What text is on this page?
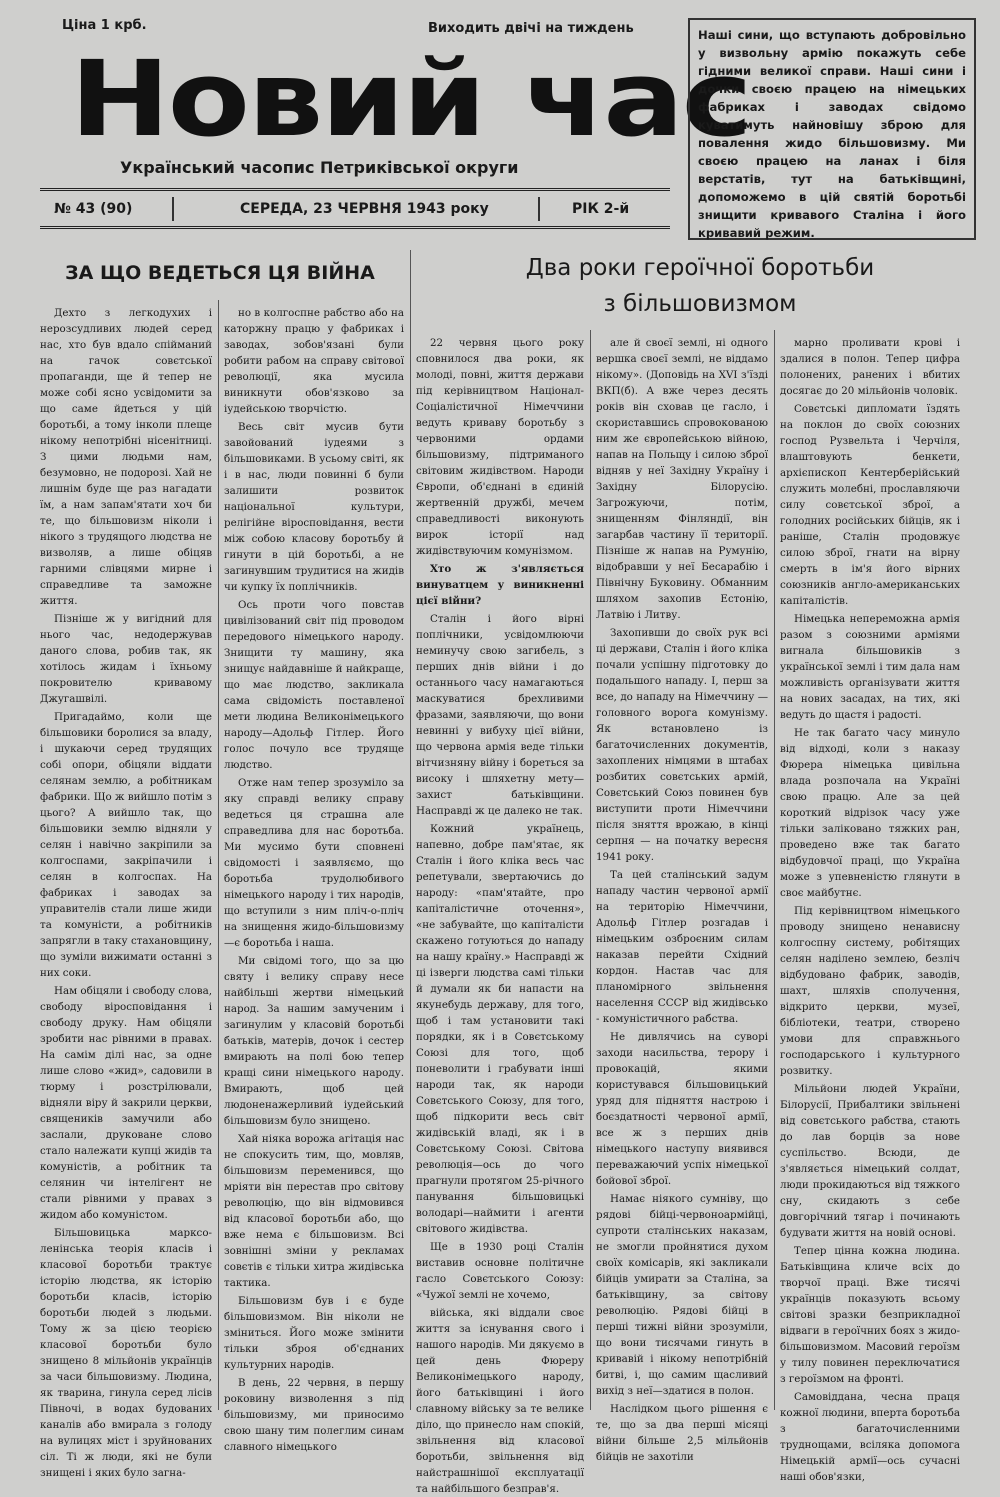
Ціна 1 крб.	Виходить двічі на тиждень
Новий час
Український часопис Петриківської округи
№ 43 (90)	СЕРЕДА, 23 ЧЕРВНЯ 1943 року	РІК 2-й
Наші сини, що вступають добровільно у визвольну армію покажуть себе гідними великої справи. Наші сини і дочки своєю працею на німецьких фабриках і заводах свідомо куватимуть найновішу зброю для повалення жидо більшовизму. Ми своєю працею на ланах і біля верстатів, тут на батьківщині, допоможемо в цій святій боротьбі знищити кривавого Сталіна і його кривавий режим.
ЗА ЩО ВЕДЕТЬСЯ ЦЯ ВІЙНА	Два роки героїчної боротьби
з більшовизмом

Дехто з легкодухих і нерозсудливих людей серед нас, хто був вдало спійманий на гачок совєтської пропаганди, ще й тепер не може собі ясно усвідомити за що саме йдеться у цій боротьбі, а тому інколи плеще нікому непотрібні нісенітниці. З цими людьми нам, безумовно, не подорозі. Хай не лишнім буде ще раз нагадати їм, а нам запам'ятати хоч би те, що більшовизм ніколи і нікого з трудящого людства не визволяв, а лише обіцяв гарними слівцями мирне і справедливе та заможне життя.

Пізніше ж у вигідний для нього час, недодержував даного слова, робив так, як хотілось жидам і їхньому покровителю кривавому Джугашвілі.

Пригадаймо, коли ще більшовики боролися за владу, і шукаючи серед трудящих собі опори, обіцяли віддати селянам землю, а робітникам фабрики. Що ж вийшло потім з цього? А вийшло так, що більшовики землю відняли у селян і навічно закріпили за колгоспами, закріпачили і селян в колгоспах. На фабриках і заводах за управителів стали лише жиди та комуністи, а робітників запрягли в таку стахановщину, що зуміли вижимати останні з них соки.

Нам обіцяли і свободу слова, свободу віросповідання і свободу друку. Нам обіцяли зробити нас рівними в правах. На самім ділі нас, за одне лише слово «жид», садовили в тюрму і розстрілювали, відняли віру й закрили церкви, священиків замучили або заслали, друковане слово стало належати купці жидів та комуністів, а робітник та селянин чи інтелігент не стали рівними у правах з жидом або комуністом.

Більшовицька марксо-ленінська теорія класів і класової боротьби трактує історію людства, як історію боротьби класів, історію боротьби людей з людьми. Тому ж за цією теорією класової боротьби було знищено 8 мільйонів українців за часи більшовизму. Людина, як тварина, гинула серед лісів Півночі, в водах будованих каналів або вмирала з голоду на вулицях міст і зруйнованих сіл. Ті ж люди, які не були знищені і яких було загна-

но в колгоспне рабство або на каторжну працю у фабриках і заводах, зобов'язані були робити рабом на справу світової революції, яка мусила виникнути обов'язково за іудейською творчістю.

Весь світ мусив бути завойований іудеями з більшовиками. В усьому світі, як і в нас, люди повинні б були залишити розвиток національної культури, релігійне віросповідання, вести між собою класову боротьбу й гинути в цій боротьбі, а не загинувшим трудитися на жидів чи купку їх поплічників.

Ось проти чого повстав цивілізований світ під проводом передового німецького народу. Знищити ту машину, яка знищує найдавніше й найкраще, що має людство, закликала сама свідомість поставленої мети людина Великонімецького народу—Адольф Гітлер. Його голос почуло все трудяще людство.

Отже нам тепер зрозуміло за яку справді велику справу ведеться ця страшна але справедлива для нас боротьба. Ми мусимо бути сповнені свідомості і заявляємо, що боротьба трудолюбивого німецького народу і тих народів, що вступили з ним пліч-о-пліч на знищення жидо-більшовизму—є боротьба і наша.

Ми свідомі того, що за цю святу і велику справу несе найбільші жертви німецький народ. За нашим замученим і загинулим у класовій боротьбі батьків, матерів, дочок і сестер вмирають на полі бою тепер кращі сини німецького народу. Вмирають, щоб цей людоненажерливий іудейський більшовизм було знищено.

Хай ніяка ворожа агітація нас не спокусить тим, що, мовляв, більшовизм переменився, що мріяти він перестав про світову революцію, що він відмовився від класової боротьби або, що вже нема є більшовизм. Всі зовнішні зміни у рекламах совєтів є тільки хитра жидівська тактика.

Більшовизм був і є буде більшовизмом. Він ніколи не зміниться. Його може змінити тільки зброя об'єднаних культурних народів.

В день, 22 червня, в першу роковину визволення з під більшовизму, ми приносимо свою шану тим полеглим синам славного німецького

22 червня цього року сповнилося два роки, як молоді, повні, життя держави під керівництвом Націонал-Соціалістичної Німеччини ведуть криваву боротьбу з червоними ордами більшовизму, підтриманого світовим жидівством. Народи Європи, об'єднані в єдиній жертвенній дружбі, мечем справедливості виконують вирок історії над жидівствуючим комунізмом.

Хто ж з'являється винуватцем у виникненні цієї війни?

Сталін і його вірні поплічники, усвідомлюючи неминучу свою загибель, з перших днів війни і до останнього часу намагаються маскуватися брехливими фразами, заявляючи, що вони невинні у вибуху цієї війни, що червона армія веде тільки вітчизняну війну і бореться за високу і шляхетну мету—захист батьківщини. Насправді ж це далеко не так.

Кожний українець, напевно, добре пам'ятає, як Сталін і його кліка весь час репетували, звертаючись до народу: «пам'ятайте, про капіталістичне оточення», «не забувайте, що капіталісти скажено готуються до нападу на нашу країну.» Насправді ж ці ізверги людства самі тільки й думали як би напасти на якунебудь державу, для того, щоб і там установити такі порядки, як і в Совєтському Союзі для того, щоб поневолити і грабувати інші народи так, як народи Совєтського Союзу, для того, щоб підкорити весь світ жидівській владі, як і в Совєтському Союзі. Світова революція—ось до чого прагнули протягом 25-річного панування більшовицькі володарі—наймити і агенти світового жидівства.

Ще в 1930 році Сталін виставив основне політичне гасло Совєтського Союзу: «Чужої землі не хочемо,

війська, які віддали своє життя за існування свого і нашого народів. Ми дякуємо в цей день Фюреру Великонімецького народу, його батьківщині і його славному війську за те велике діло, що принесло нам спокій, звільнення від класової боротьби, звільнення від найстрашнішої експлуатації та найбільшого безправ'я.

але й своєї землі, ні одного вершка своєї землі, не віддамо нікому». (Доповідь на XVI з'їзді ВКП(б). А вже через десять років він сховав це гасло, і скориставшись спровокованою ним же європейською війною, напав на Польщу і силою зброї відняв у неї Західну Україну і Західну Білорусію. Загрожуючи, потім, знищенням Фінляндії, він загарбав частину її території. Пізніше ж напав на Румунію, відобравши у неї Бесарабію і Північну Буковину. Обманним шляхом захопив Естонію, Латвію і Литву.

Захопивши до своїх рук всі ці держави, Сталін і його кліка почали успішну підготовку до подальшого нападу. І, перш за все, до нападу на Німеччину — головного ворога комунізму. Як встановлено із багаточисленних документів, захоплених німцями в штабах розбитих совєтських армій, Совєтський Союз повинен був виступити проти Німеччини після зняття врожаю, в кінці серпня — на початку вересня 1941 року.

Та цей сталінський задум нападу частин червоної армії на територію Німеччини, Адольф Гітлер розгадав і німецьким озброєним силам наказав перейти Східний кордон. Настав час для планомірного звільнення населення СССР від жидівсько - комуністичного рабства.

Не дивлячись на суворі заходи насильства, терору і провокацій, якими користувався більшовицький уряд для підняття настрою і боєздатності червоної армії, все ж з перших днів німецького наступу виявився переважаючий успіх німецької бойової зброї.

Намає ніякого сумніву, що рядові бійці-червоноармійці, супроти сталінських наказам, не змогли пройнятися духом своїх комісарів, які закликали бійців умирати за Сталіна, за батьківщину, за світову революцію. Рядові бійці в перші тижні війни зрозуміли, що вони тисячами гинуть в кривавій і нікому непотрібній битві, і, що самим щасливий вихід з неї—здатися в полон.

Наслідком цього рішення є те, що за два перші місяці війни більше 2,5 мільйонів бійців не захотіли

марно проливати крові і здалися в полон. Тепер цифра полонених, ранених і вбитих досягає до 20 мільйонів чоловік.

Совєтські дипломати їздять на поклон до своїх союзних господ Рузвельта і Черчіля, влаштовують бенкети, архієпископ Кентерберійський служить молебні, прославляючи силу совєтської зброї, а голодних російських бійців, як і раніше, Сталін продовжує силою зброї, гнати на вірну смерть в ім'я його вірних союзників англо-американських капіталістів.

Німецька непереможна армія разом з союзними арміями вигнала більшовиків з української землі і тим дала нам можливість організувати життя на нових засадах, на тих, які ведуть до щастя і радості.

Не так багато часу минуло від відході, коли з наказу Фюрера німецька цивільна влада розпочала на Україні свою працю. Але за цей короткий відрізок часу уже тільки заліковано тяжких ран, проведено вже так багато відбудовчої праці, що Україна може з упевненістю глянути в своє майбутнє.

Під керівництвом німецького проводу знищено ненависну колгоспну систему, робітящих селян наділено землею, безліч відбудовано фабрик, заводів, шахт, шляхів сполучення, відкрито церкви, музеї, бібліотеки, театри, створено умови для справжнього господарського і культурного розвитку.

Мільйони людей України, Білорусії, Прибалтики звільнені від совєтського рабства, стають до лав борців за нове суспільство. Всюди, де з'являється німецький солдат, люди прокидаються від тяжкого сну, скидають з себе довгорічний тягар і починають будувати життя на новій основі.

Тепер цінна кожна людина. Батьківщина кличе всіх до творчої праці. Вже тисячі українців показують всьому світові зразки безприкладної відваги в героїчних боях з жидо-більшовизмом. Масовий героїзм у тилу повинен переключатися з героїзмом на фронті.

Самовіддана, чесна праця кожної людини, вперта боротьба з багаточисленними труднощами, всіляка допомога Німецькій армії—ось сучасні наші обов'язки,
